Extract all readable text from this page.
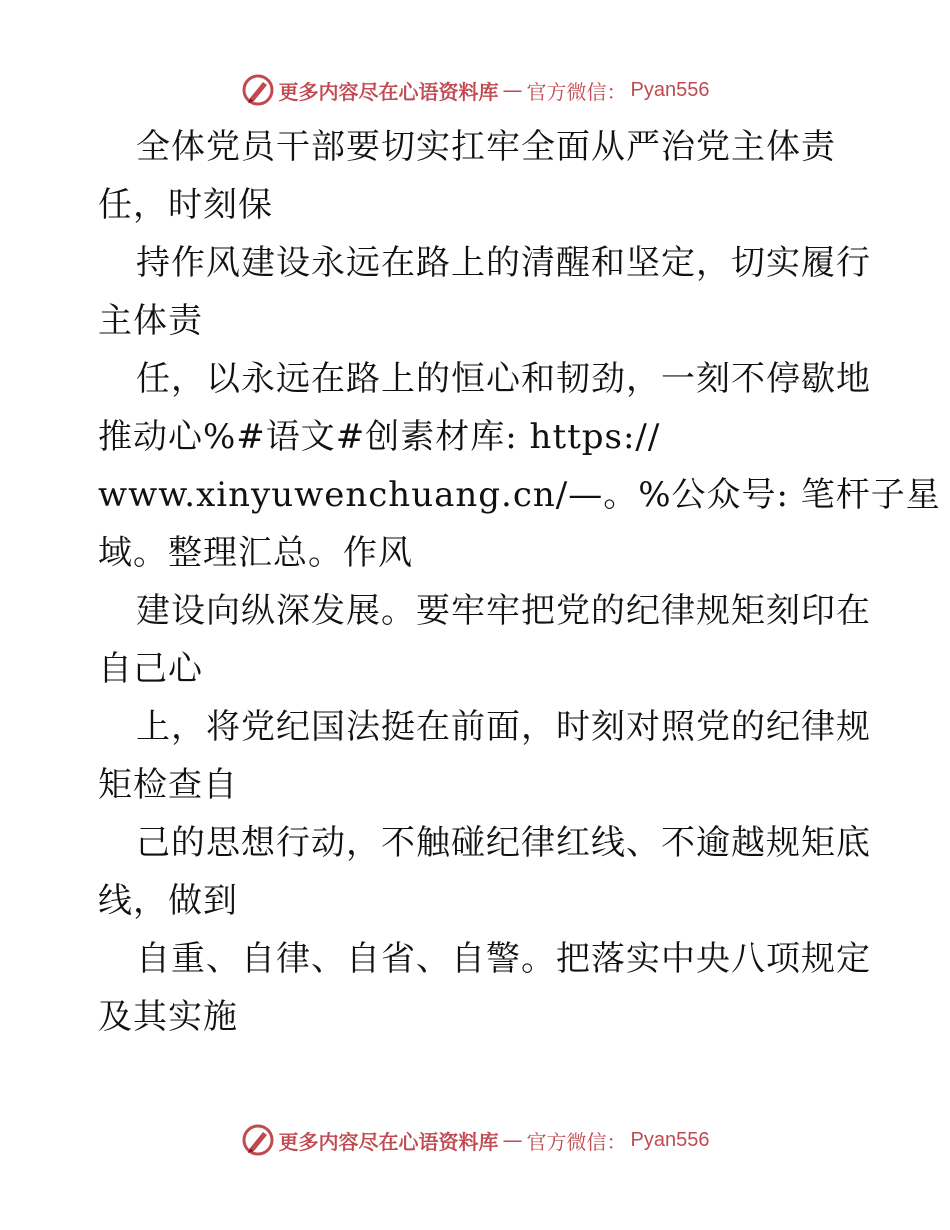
更多内容尽在心语资料库 — 官方微信： Pyan556
全体党员干部要切实扛牢全面从严治党主体责
任，时刻保
持作风建设永远在路上的清醒和坚定，切实履行
主体责
任，以永远在路上的恒心和韧劲，一刻不停歇地
推动心%#语文#创素材库: https://
www.xinyuwenchuang.cn/—。%公众号: 笔杆子星
域。整理汇总。作风
建设向纵深发展。要牢牢把党的纪律规矩刻印在
自己心
上，将党纪国法挺在前面，时刻对照党的纪律规
矩检查自
己的思想行动，不触碰纪律红线、不逾越规矩底
线，做到
自重、自律、自省、自警。把落实中央八项规定
及其实施
更多内容尽在心语资料库 — 官方微信： Pyan556
